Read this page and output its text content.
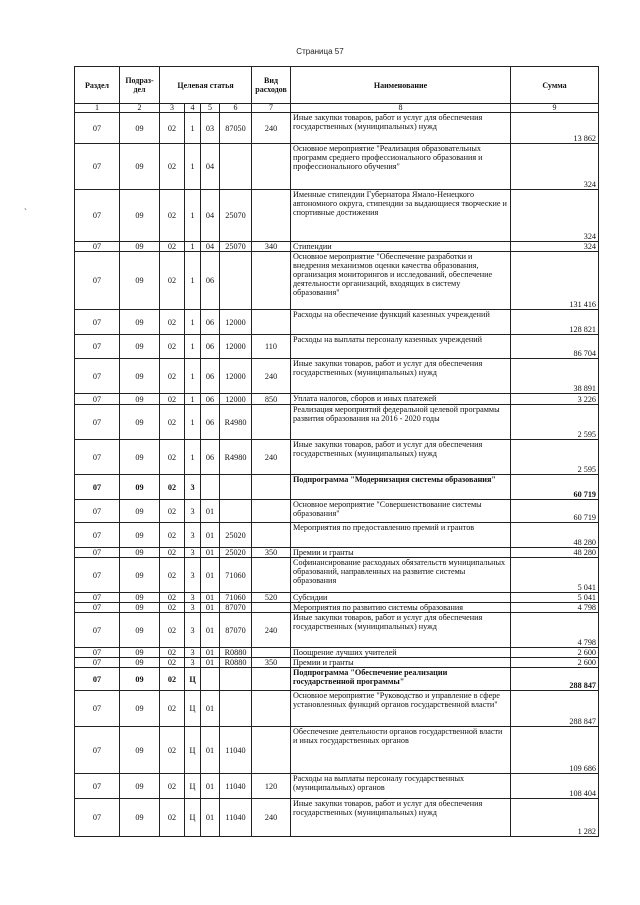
Страница 57
`
Раздел	Подраз-дел	Целевая статья				Вид расходов	Наименование	Сумма
1	2	3	4	5	6	7	8	9
07	09	02	1	03	87050	240	Иные закупки товаров, работ и услуг для обеспечения государственных (муниципальных) нужд	13 862
07	09	02	1	04			Основное мероприятие "Реализация образовательных программ среднего профессионального образования и профессионального обучения"	324
07	09	02	1	04	25070		Именные стипендии Губернатора Ямало-Ненецкого автономного округа, стипендии за выдающиеся творческие и спортивные достижения	324
07	09	02	1	04	25070	340	Стипендии	324
07	09	02	1	06			Основное мероприятие "Обеспечение разработки и внедрения механизмов оценки качества образования, организация мониторингов и исследований, обеспечение деятельности организаций, входящих в систему образования"	131 416
07	09	02	1	06	12000		Расходы на обеспечение функций казенных учреждений	128 821
07	09	02	1	06	12000	110	Расходы на выплаты персоналу казенных учреждений	86 704
07	09	02	1	06	12000	240	Иные закупки товаров, работ и услуг для обеспечения государственных (муниципальных) нужд	38 891
07	09	02	1	06	12000	850	Уплата налогов, сборов и иных платежей	3 226
07	09	02	1	06	R4980		Реализация мероприятий федеральной целевой программы развития образования на 2016 - 2020 годы	2 595
07	09	02	1	06	R4980	240	Иные закупки товаров, работ и услуг для обеспечения государственных (муниципальных) нужд	2 595
07	09	02	3				Подпрограмма "Модернизация системы образования"	60 719
07	09	02	3	01			Основное мероприятие "Совершенствование системы образования"	60 719
07	09	02	3	01	25020		Мероприятия по предоставлению премий и грантов	48 280
07	09	02	3	01	25020	350	Премии и гранты	48 280
07	09	02	3	01	71060		Софинансирование расходных обязательств муниципальных образований, направленных на развитие системы образования	5 041
07	09	02	3	01	71060	520	Субсидии	5 041
07	09	02	3	01	87070		Мероприятия по развитию системы образования	4 798
07	09	02	3	01	87070	240	Иные закупки товаров, работ и услуг для обеспечения государственных (муниципальных) нужд	4 798
07	09	02	3	01	R0880		Поощрение лучших учителей	2 600
07	09	02	3	01	R0880	350	Премии и гранты	2 600
07	09	02	Ц				Подпрограмма "Обеспечение реализации государственной программы"	288 847
07	09	02	Ц	01			Основное мероприятие "Руководство и управление в сфере установленных функций органов государственной власти"	288 847
07	09	02	Ц	01	11040		Обеспечение деятельности органов государственной власти и иных государственных органов	109 686
07	09	02	Ц	01	11040	120	Расходы на выплаты персоналу государственных (муниципальных) органов	108 404
07	09	02	Ц	01	11040	240	Иные закупки товаров, работ и услуг для обеспечения государственных (муниципальных) нужд	1 282
